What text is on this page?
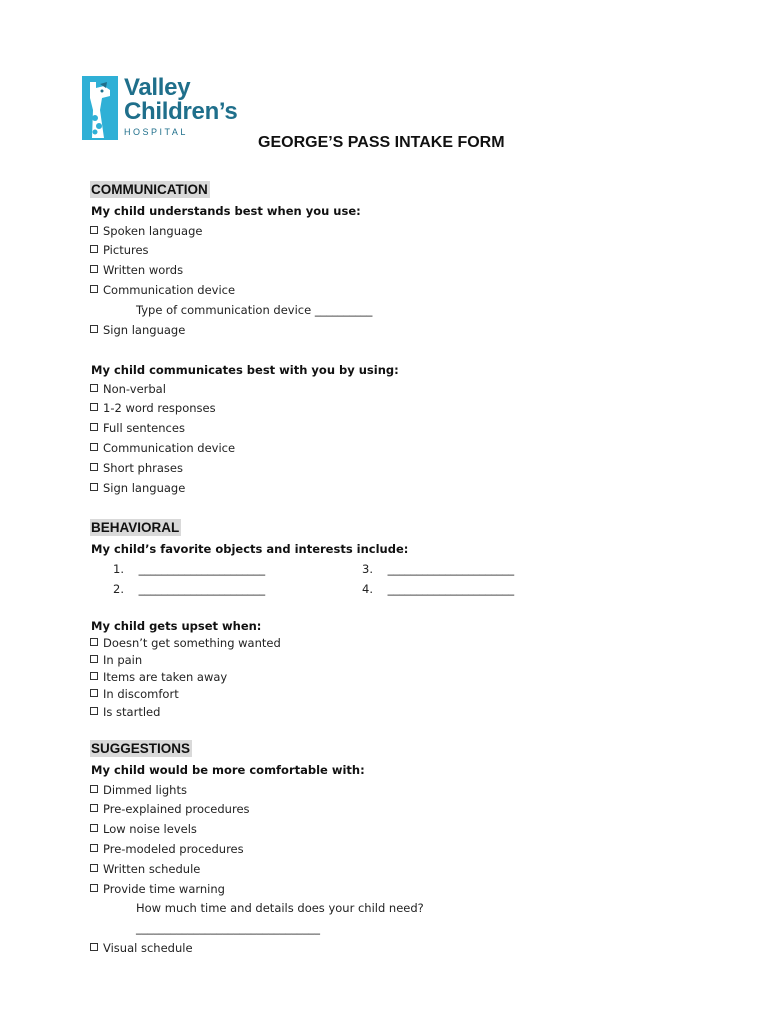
Valley
Children’s
HOSPITAL
GEORGE’S PASS INTAKE FORM
COMMUNICATION
My child understands best when you use:
Spoken language
Pictures
Written words
Communication device
Type of communication device __________
Sign language
My child communicates best with you by using:
Non-verbal
1-2 word responses
Full sentences
Communication device
Short phrases
Sign language
BEHAVIORAL
My child’s favorite objects and interests include:
1. ______________________
2. ______________________
3. ______________________
4. ______________________
My child gets upset when:
Doesn’t get something wanted
In pain
Items are taken away
In discomfort
Is startled
SUGGESTIONS
My child would be more comfortable with:
Dimmed lights
Pre-explained procedures
Low noise levels
Pre-modeled procedures
Written schedule
Provide time warning
How much time and details does your child need?
________________________________
Visual schedule
